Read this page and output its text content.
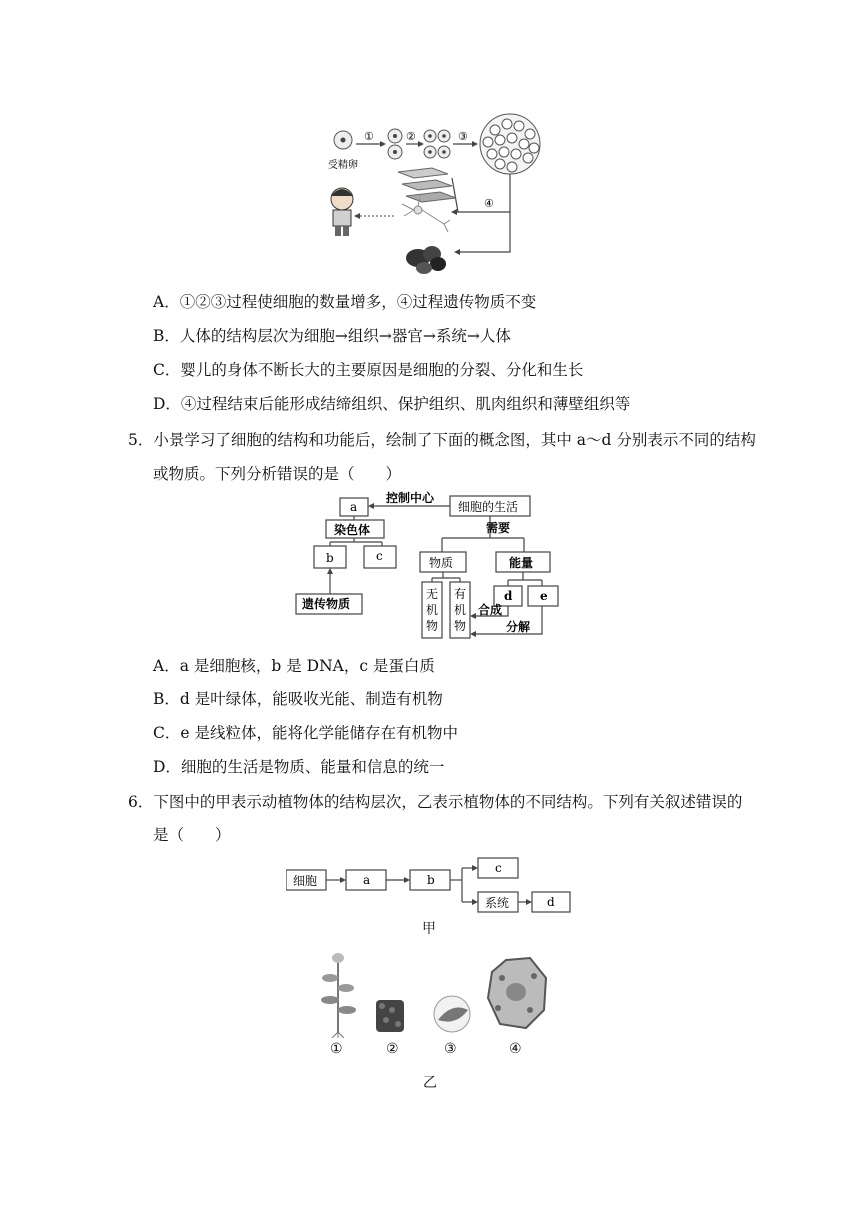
受精卵
①	②	③
④
A．①②③过程使细胞的数量增多，④过程遗传物质不变
B．人体的结构层次为细胞→组织→器官→系统→人体
C．婴儿的身体不断长大的主要原因是细胞的分裂、分化和生长
D．④过程结束后能形成结缔组织、保护组织、肌肉组织和薄壁组织等
5．小景学习了细胞的结构和功能后，绘制了下面的概念图，其中 a～d 分别表示不同的结构
或物质。下列分析错误的是（　　）
a
控制中心
细胞的生活
染色体
b	c
遗传物质
需要
物质	能量
无
机
物
有
机
物
d e
合成
分解
A．a 是细胞核，b 是 DNA，c 是蛋白质
B．d 是叶绿体，能吸收光能、制造有机物
C．e 是线粒体，能将化学能储存在有机物中
D．细胞的生活是物质、能量和信息的统一
6．下图中的甲表示动植物体的结构层次，乙表示植物体的不同结构。下列有关叙述错误的
是（　　）
细胞	a	b
c
系统	d
甲
①	②	③	④
乙
